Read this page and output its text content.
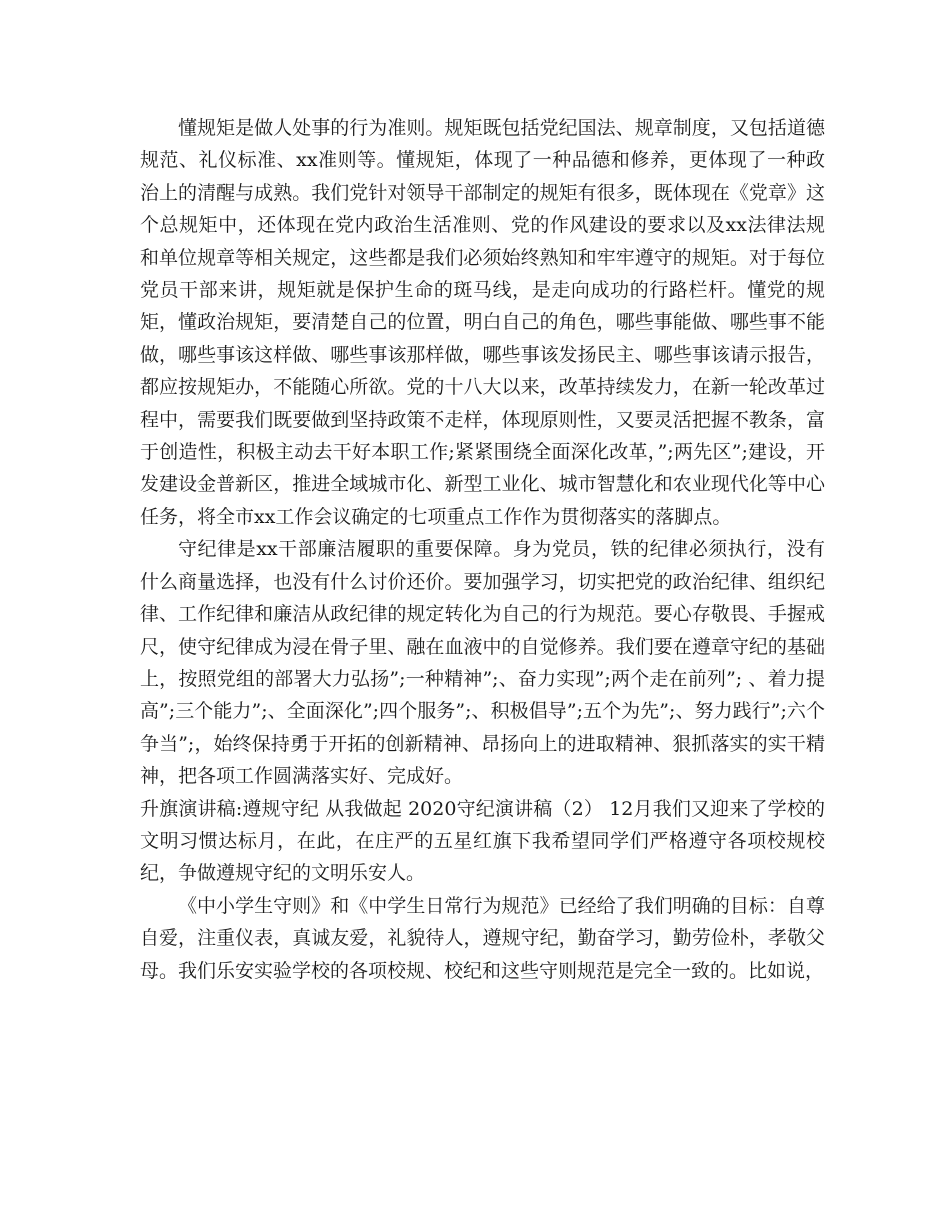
懂规矩是做人处事的行为准则。规矩既包括党纪国法、规章制度，又包括道德规范、礼仪标准、xx准则等。懂规矩，体现了一种品德和修养，更体现了一种政治上的清醒与成熟。我们党针对领导干部制定的规矩有很多，既体现在《党章》这个总规矩中，还体现在党内政治生活准则、党的作风建设的要求以及xx法律法规和单位规章等相关规定，这些都是我们必须始终熟知和牢牢遵守的规矩。对于每位党员干部来讲，规矩就是保护生命的斑马线，是走向成功的行路栏杆。懂党的规矩，懂政治规矩，要清楚自己的位置，明白自己的角色，哪些事能做、哪些事不能做，哪些事该这样做、哪些事该那样做，哪些事该发扬民主、哪些事该请示报告，都应按规矩办，不能随心所欲。党的十八大以来，改革持续发力，在新一轮改革过程中，需要我们既要做到坚持政策不走样，体现原则性，又要灵活把握不教条，富于创造性，积极主动去干好本职工作;紧紧围绕全面深化改革，”;两先区”;建设，开发建设金普新区，推进全域城市化、新型工业化、城市智慧化和农业现代化等中心任务，将全市xx工作会议确定的七项重点工作作为贯彻落实的落脚点。

守纪律是xx干部廉洁履职的重要保障。身为党员，铁的纪律必须执行，没有什么商量选择，也没有什么讨价还价。要加强学习，切实把党的政治纪律、组织纪律、工作纪律和廉洁从政纪律的规定转化为自己的行为规范。要心存敬畏、手握戒尺，使守纪律成为浸在骨子里、融在血液中的自觉修养。我们要在遵章守纪的基础上，按照党组的部署大力弘扬”;一种精神”;、奋力实现”;两个走在前列”; 、着力提高”;三个能力”;、全面深化”;四个服务”;、积极倡导”;五个为先”;、努力践行”;六个争当”;，始终保持勇于开拓的创新精神、昂扬向上的进取精神、狠抓落实的实干精神，把各项工作圆满落实好、完成好。

升旗演讲稿:遵规守纪 从我做起 2020守纪演讲稿（2） 12月我们又迎来了学校的文明习惯达标月，在此，在庄严的五星红旗下我希望同学们严格遵守各项校规校纪，争做遵规守纪的文明乐安人。

《中小学生守则》和《中学生日常行为规范》已经给了我们明确的目标：自尊自爱，注重仪表，真诚友爱，礼貌待人，遵规守纪，勤奋学习，勤劳俭朴，孝敬父母。我们乐安实验学校的各项校规、校纪和这些守则规范是完全一致的。比如说，
